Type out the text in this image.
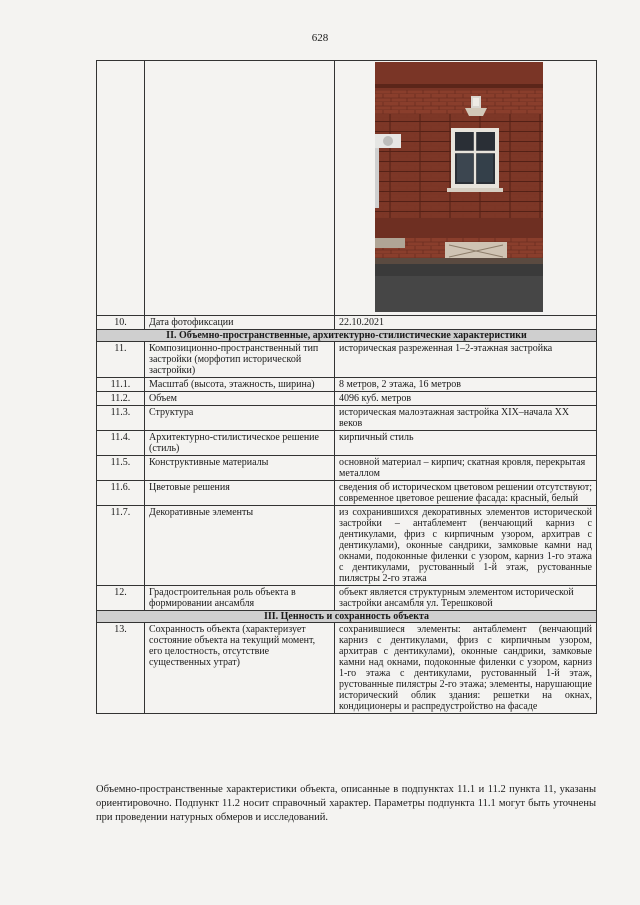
628

10.	Дата фотофиксации	22.10.2021
II. Объемно-пространственные, архитектурно-стилистические характеристики		
11.	Композиционно-пространственный тип застройки (морфотип исторической застройки)	историческая разреженная 1–2-этажная застройка
11.1.	Масштаб (высота, этажность, ширина)	8 метров, 2 этажа, 16 метров
11.2.	Объем	4096 куб. метров
11.3.	Структура	историческая малоэтажная застройка XIX–начала XX веков
11.4.	Архитектурно-стилистическое решение (стиль)	кирпичный стиль
11.5.	Конструктивные материалы	основной материал – кирпич; скатная кровля, перекрытая металлом
11.6.	Цветовые решения	сведения об историческом цветовом решении отсутствуют; современное цветовое решение фасада: красный, белый
11.7.	Декоративные элементы	из сохранившихся декоративных элементов исторической застройки – антаблемент (венчающий карниз с дентикулами, фриз с кирпичным узором, архитрав с дентикулами), оконные сандрики, замковые камни над окнами, подоконные филенки с узором, карниз 1-го этажа с дентикулами, рустованный 1-й этаж, рустованные пилястры 2-го этажа
12.	Градостроительная роль объекта в формировании ансамбля	объект является структурным элементом исторической застройки ансамбля ул. Терешковой
III. Ценность и сохранность объекта		
13.	Сохранность объекта (характеризует состояние объекта на текущий момент, его целостность, отсутствие существенных утрат)	сохранившиеся элементы: антаблемент (венчающий карниз с дентикулами, фриз с кирпичным узором, архитрав с дентикулами), оконные сандрики, замковые камни над окнами, подоконные филенки с узором, карниз 1-го этажа с дентикулами, рустованный 1-й этаж, рустованные пилястры 2-го этажа; элементы, нарушающие исторический облик здания: решетки на окнах, кондиционеры и распредустройство на фасаде
Объемно-пространственные характеристики объекта, описанные в подпунктах 11.1 и 11.2 пункта 11, указаны ориентировочно. Подпункт 11.2 носит справочный характер. Параметры подпункта 11.1 могут быть уточнены при проведении натурных обмеров и исследований.
